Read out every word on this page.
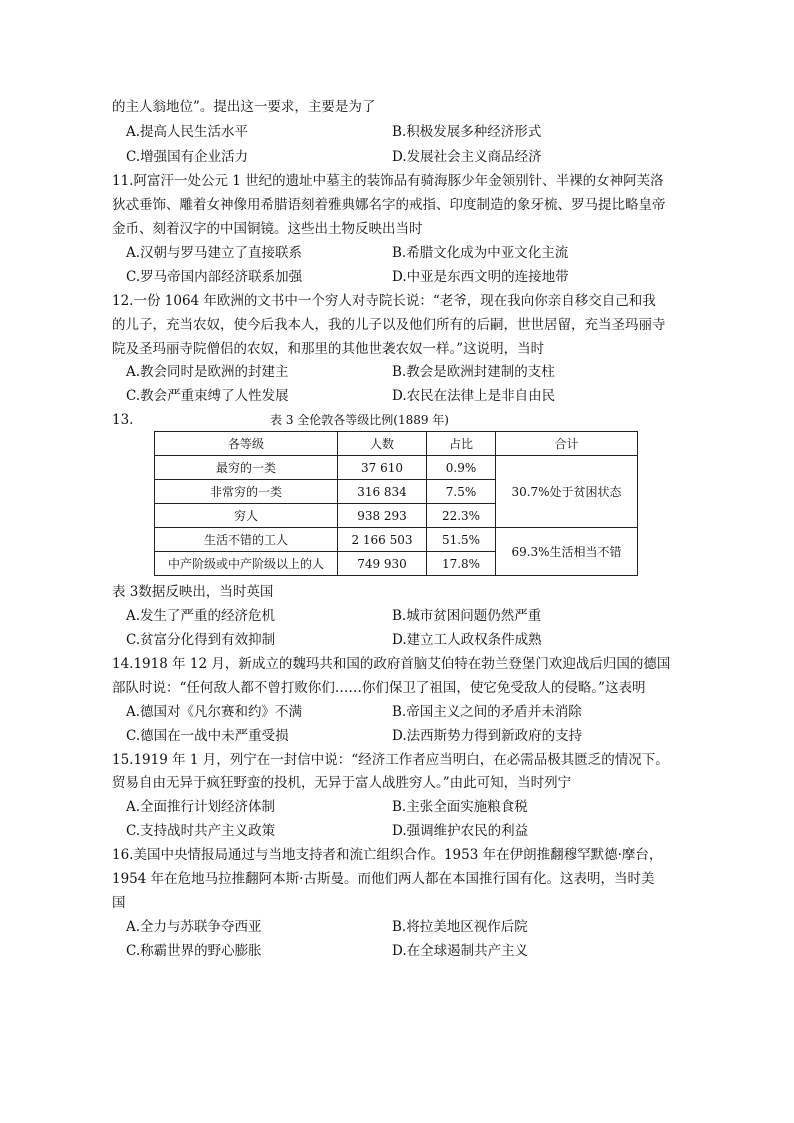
的主人翁地位”。提出这一要求，主要是为了
A.提高人民生活水平	B.积极发展多种经济形式
C.增强国有企业活力	D.发展社会主义商品经济
11.阿富汗一处公元 1 世纪的遗址中墓主的装饰品有骑海豚少年金领别针、半裸的女神阿芙洛
狄忒垂饰、雕着女神像用希腊语刻着雅典娜名字的戒指、印度制造的象牙梳、罗马提比略皇帝
金币、刻着汉字的中国铜镜。这些出土物反映出当时
A.汉朝与罗马建立了直接联系	B.希腊文化成为中亚文化主流
C.罗马帝国内部经济联系加强	D.中亚是东西文明的连接地带
12.一份 1064 年欧洲的文书中一个穷人对寺院长说：“老爷，现在我向你亲自移交自己和我
的儿子，充当农奴，使今后我本人，我的儿子以及他们所有的后嗣，世世居留，充当圣玛丽寺
院及圣玛丽寺院僧侣的农奴，和那里的其他世袭农奴一样。”这说明，当时
A.教会同时是欧洲的封建主	B.教会是欧洲封建制的支柱
C.教会严重束缚了人性发展	D.农民在法律上是非自由民
13.	表 3 全伦敦各等级比例(1889 年)
各等级	人数	占比	合计
最穷的一类	37 610	0.9%	30.7%处于贫困状态
非常穷的一类	316 834	7.5%	
穷人	938 293	22.3%	
生活不错的工人	2 166 503	51.5%	69.3%生活相当不错
中产阶级或中产阶级以上的人	749 930	17.8%	
表 3数据反映出，当时英国
A.发生了严重的经济危机	B.城市贫困问题仍然严重
C.贫富分化得到有效抑制	D.建立工人政权条件成熟
14.1918 年 12 月，新成立的魏玛共和国的政府首脑艾伯特在勃兰登堡门欢迎战后归国的德国
部队时说：“任何敌人都不曾打败你们……你们保卫了祖国，使它免受敌人的侵略。”这表明
A.德国对《凡尔赛和约》不满	B.帝国主义之间的矛盾并未消除
C.德国在一战中未严重受损	D.法西斯势力得到新政府的支持
15.1919 年 1 月，列宁在一封信中说：“经济工作者应当明白，在必需品极其匮乏的情况下。
贸易自由无异于疯狂野蛮的投机，无异于富人战胜穷人。”由此可知，当时列宁
A.全面推行计划经济体制	B.主张全面实施粮食税
C.支持战时共产主义政策	D.强调维护农民的利益
16.美国中央情报局通过与当地支持者和流亡组织合作。1953 年在伊朗推翻穆罕默德·摩台，
1954 年在危地马拉推翻阿本斯·古斯曼。而他们两人都在本国推行国有化。这表明，当时美
国
A.全力与苏联争夺西亚	B.将拉美地区视作后院
C.称霸世界的野心膨胀	D.在全球遏制共产主义
